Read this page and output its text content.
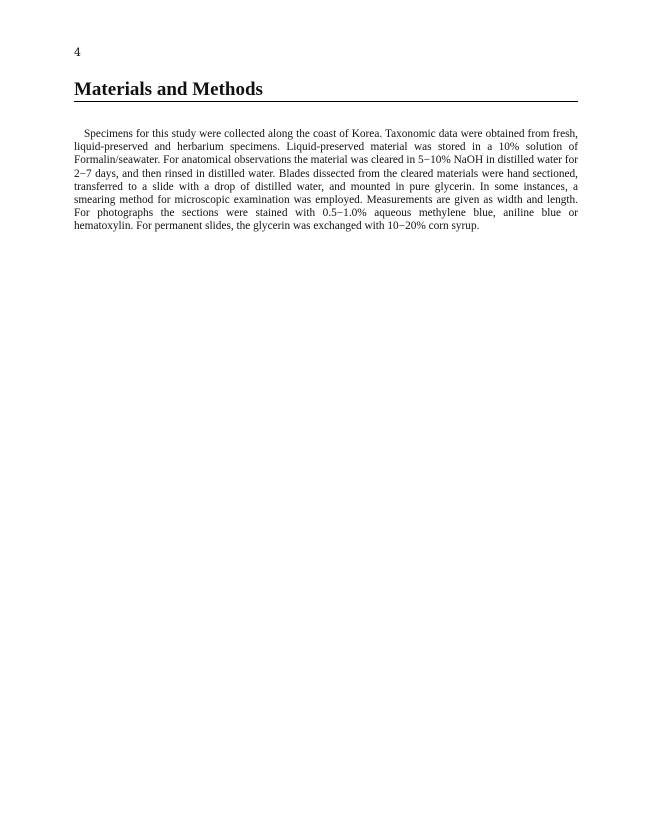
4
Materials and Methods

Specimens for this study were collected along the coast of Korea. Taxonomic data were obtained from fresh, liquid-preserved and herbarium specimens. Liquid-preserved material was stored in a 10% solution of Formalin/seawater. For anatomical observations the material was cleared in 5−10% NaOH in distilled water for 2−7 days, and then rinsed in distilled water. Blades dissected from the cleared materials were hand sectioned, transferred to a slide with a drop of distilled water, and mounted in pure glycerin. In some instances, a smearing method for microscopic examination was employed. Measurements are given as width and length. For photographs the sections were stained with 0.5−1.0% aqueous methylene blue, aniline blue or hematoxylin. For permanent slides, the glycerin was exchanged with 10−20% corn syrup.
